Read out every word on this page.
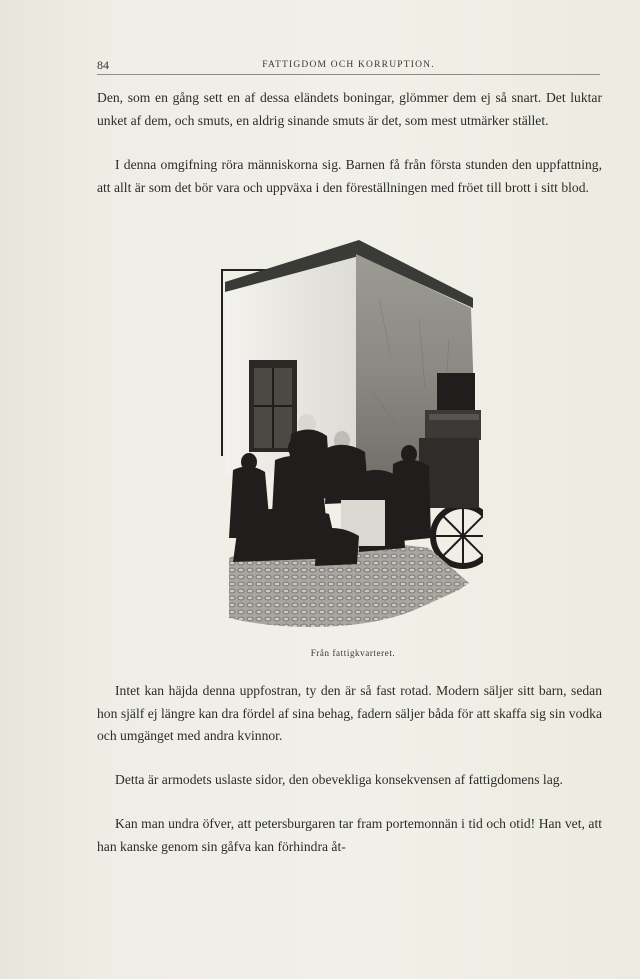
84	FATTIGDOM OCH KORRUPTION.

Den, som en gång sett en af dessa eländets boningar, glömmer dem ej så snart. Det luktar unket af dem, och smuts, en aldrig sinande smuts är det, som mest utmärker stället.

I denna omgifning röra människorna sig. Barnen få från första stunden den uppfattning, att allt är som det bör vara och uppväxa i den föreställningen med fröet till brott i sitt blod.

Från fattigkvarteret.

Intet kan häjda denna uppfostran, ty den är så fast rotad. Modern säljer sitt barn, sedan hon själf ej längre kan dra fördel af sina behag, fadern säljer båda för att skaffa sig sin vodka och umgänget med andra kvinnor.

Detta är armodets uslaste sidor, den obevekliga konsekvensen af fattigdomens lag.

Kan man undra öfver, att petersburgaren tar fram portemonnän i tid och otid! Han vet, att han kanske genom sin gåfva kan förhindra åt-
